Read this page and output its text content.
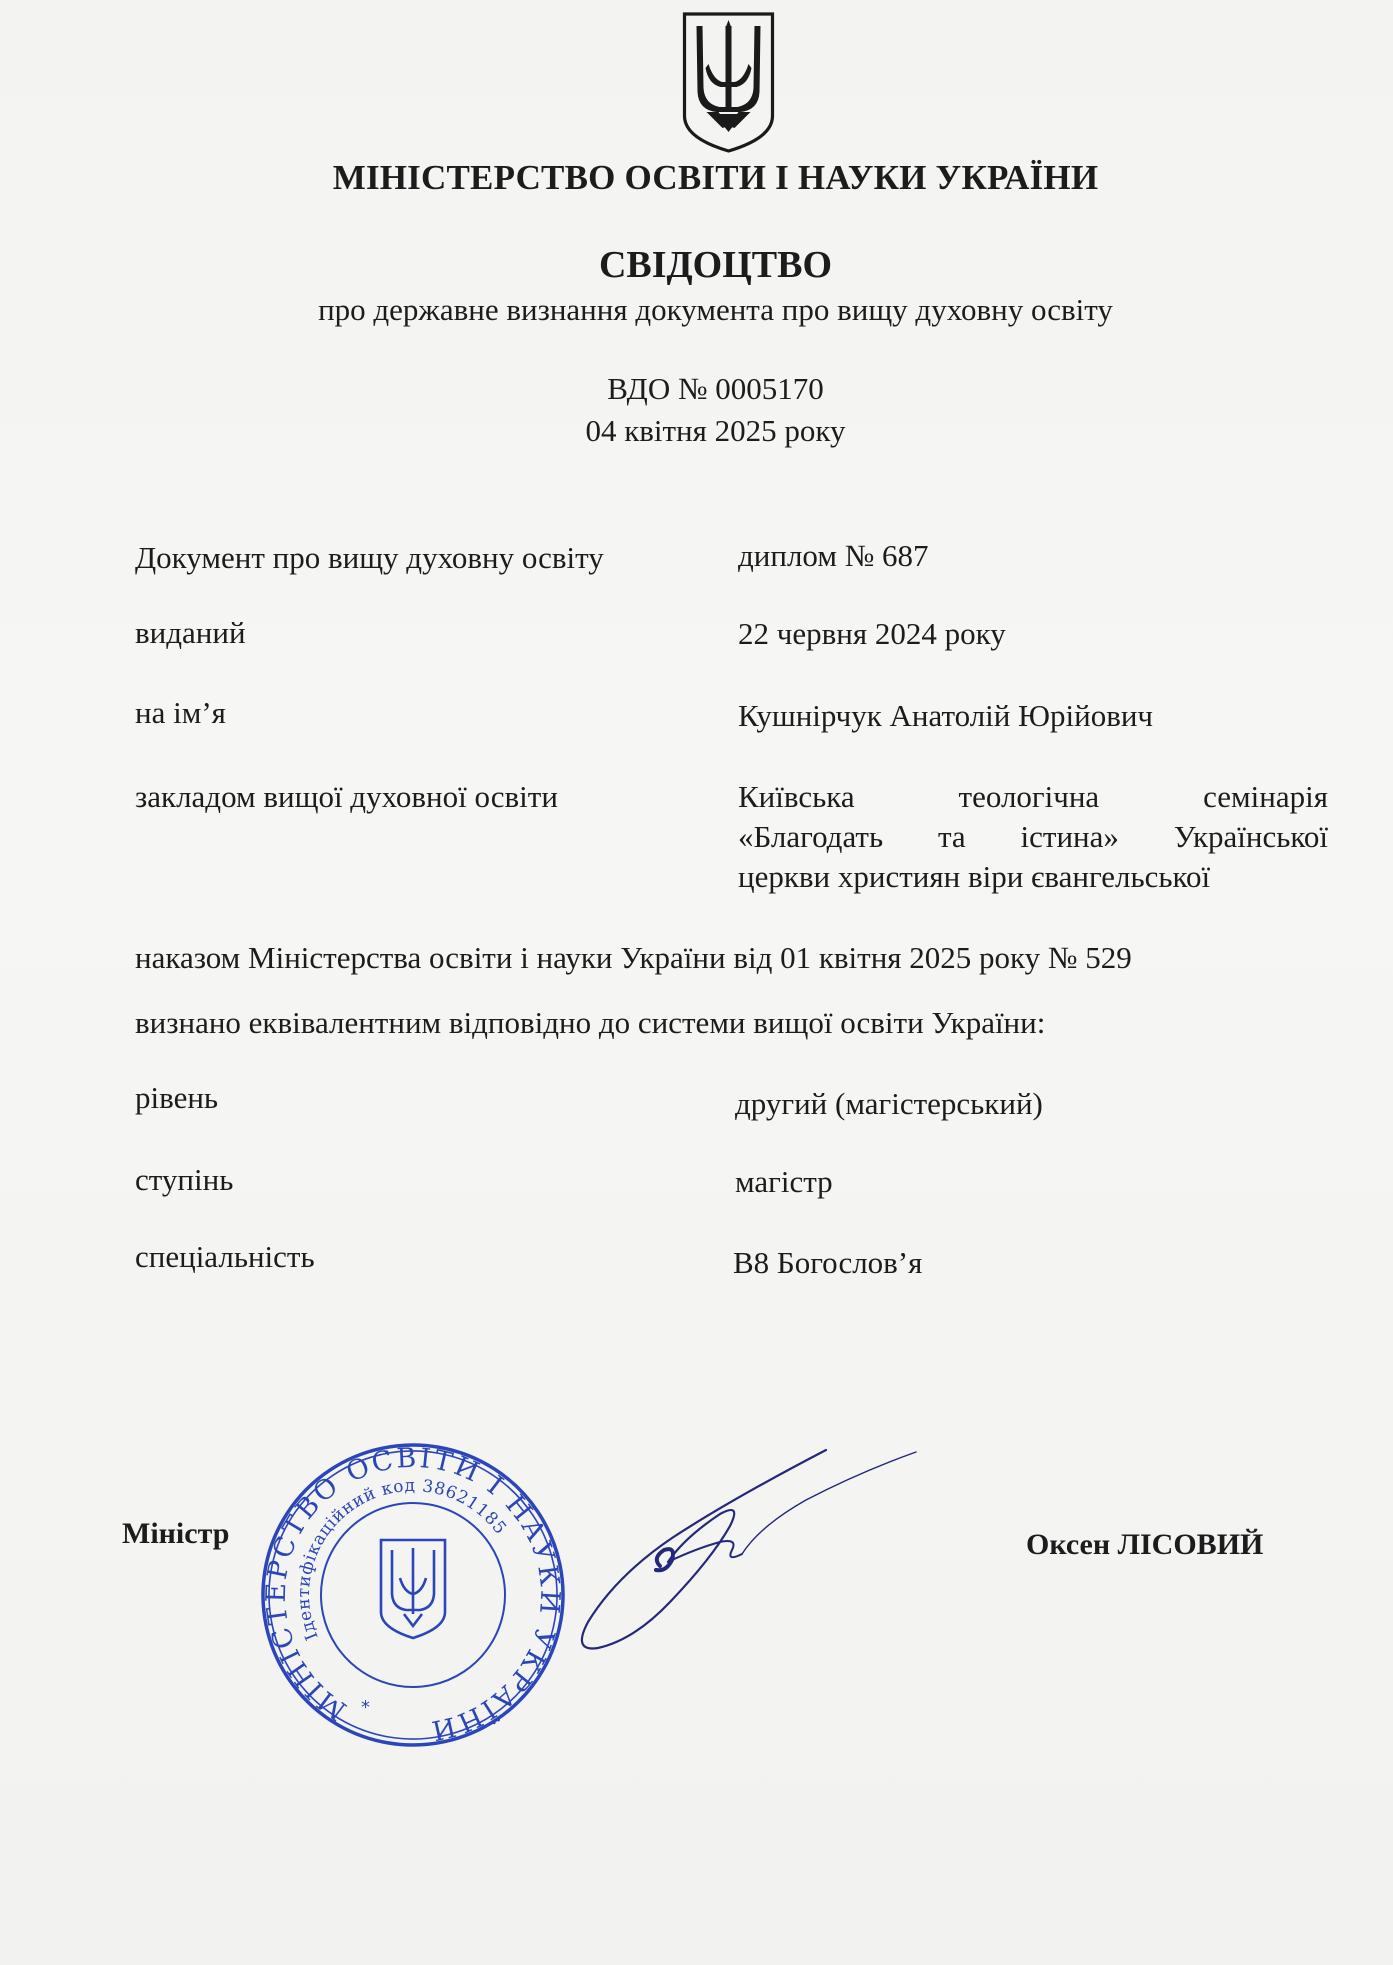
МІНІСТЕРСТВО ОСВІТИ І НАУКИ УКРАЇНИ
СВІДОЦТВО
про державне визнання документа про вищу духовну освіту
ВДО № 0005170
04 квітня 2025 року
Документ про вищу духовну освіту	диплом № 687
виданий	22 червня 2024 року
на ім’я	Кушнірчук Анатолій Юрійович
закладом вищої духовної освіти	Київська теологічна семінарія
«Благодать та істина» Української
церкви християн віри євангельської
наказом Міністерства освіти і науки України від 01 квітня 2025 року № 529
визнано еквівалентним відповідно до системи вищої освіти України:
рівень	другий (магістерський)
ступінь	магістр
спеціальність	В8 Богослов’я
Міністр	Оксен ЛІСОВИЙ
МІНІСТЕРСТВО ОСВІТИ І НАУКИ УКРАЇНИ
Ідентифікаційний код 38621185
*
